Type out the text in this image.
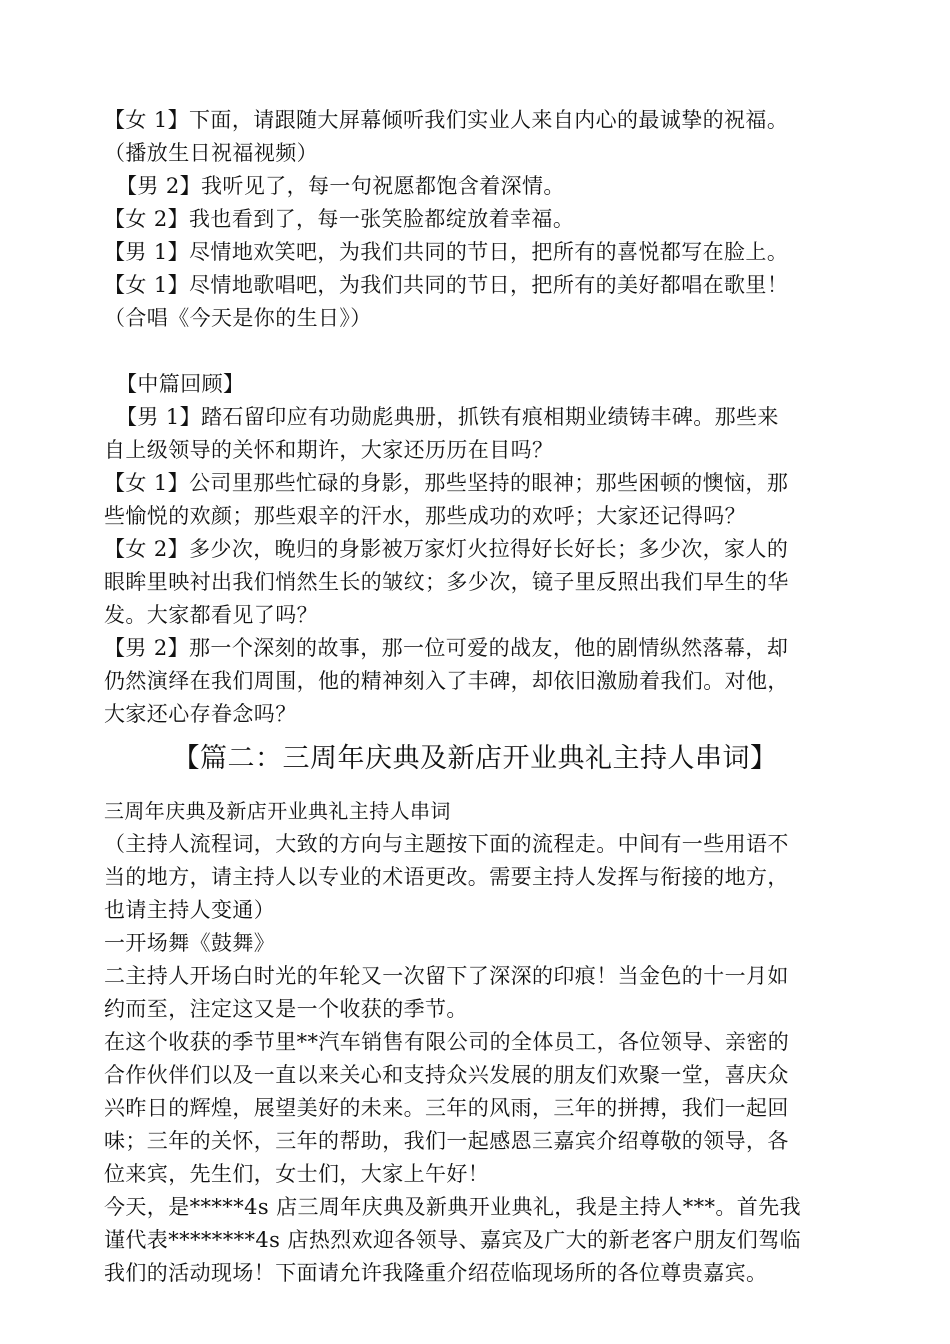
【女 1】下面，请跟随大屏幕倾听我们实业人来自内心的最诚挚的祝福。
（播放生日祝福视频）
【男 2】我听见了，每一句祝愿都饱含着深情。
【女 2】我也看到了，每一张笑脸都绽放着幸福。
【男 1】尽情地欢笑吧，为我们共同的节日，把所有的喜悦都写在脸上。
【女 1】尽情地歌唱吧，为我们共同的节日，把所有的美好都唱在歌里！
（合唱《今天是你的生日》）
【中篇回顾】
【男 1】踏石留印应有功勋彪典册，抓铁有痕相期业绩铸丰碑。那些来
自上级领导的关怀和期许，大家还历历在目吗？
【女 1】公司里那些忙碌的身影，那些坚持的眼神；那些困顿的懊恼，那
些愉悦的欢颜；那些艰辛的汗水，那些成功的欢呼；大家还记得吗？
【女 2】多少次，晚归的身影被万家灯火拉得好长好长；多少次，家人的
眼眸里映衬出我们悄然生长的皱纹；多少次，镜子里反照出我们早生的华
发。大家都看见了吗？
【男 2】那一个深刻的故事，那一位可爱的战友，他的剧情纵然落幕，却
仍然演绎在我们周围，他的精神刻入了丰碑，却依旧激励着我们。对他，
大家还心存眷念吗？
【篇二：三周年庆典及新店开业典礼主持人串词】
三周年庆典及新店开业典礼主持人串词
（主持人流程词，大致的方向与主题按下面的流程走。中间有一些用语不
当的地方，请主持人以专业的术语更改。需要主持人发挥与衔接的地方，
也请主持人变通）
一开场舞《鼓舞》
二主持人开场白时光的年轮又一次留下了深深的印痕！当金色的十一月如
约而至，注定这又是一个收获的季节。
在这个收获的季节里**汽车销售有限公司的全体员工，各位领导、亲密的
合作伙伴们以及一直以来关心和支持众兴发展的朋友们欢聚一堂，喜庆众
兴昨日的辉煌，展望美好的未来。三年的风雨，三年的拼搏，我们一起回
味；三年的关怀，三年的帮助，我们一起感恩三嘉宾介绍尊敬的领导，各
位来宾，先生们，女士们，大家上午好！
今天，是*****4s 店三周年庆典及新典开业典礼，我是主持人***。首先我
谨代表********4s 店热烈欢迎各领导、嘉宾及广大的新老客户朋友们驾临
我们的活动现场！下面请允许我隆重介绍莅临现场所的各位尊贵嘉宾。
